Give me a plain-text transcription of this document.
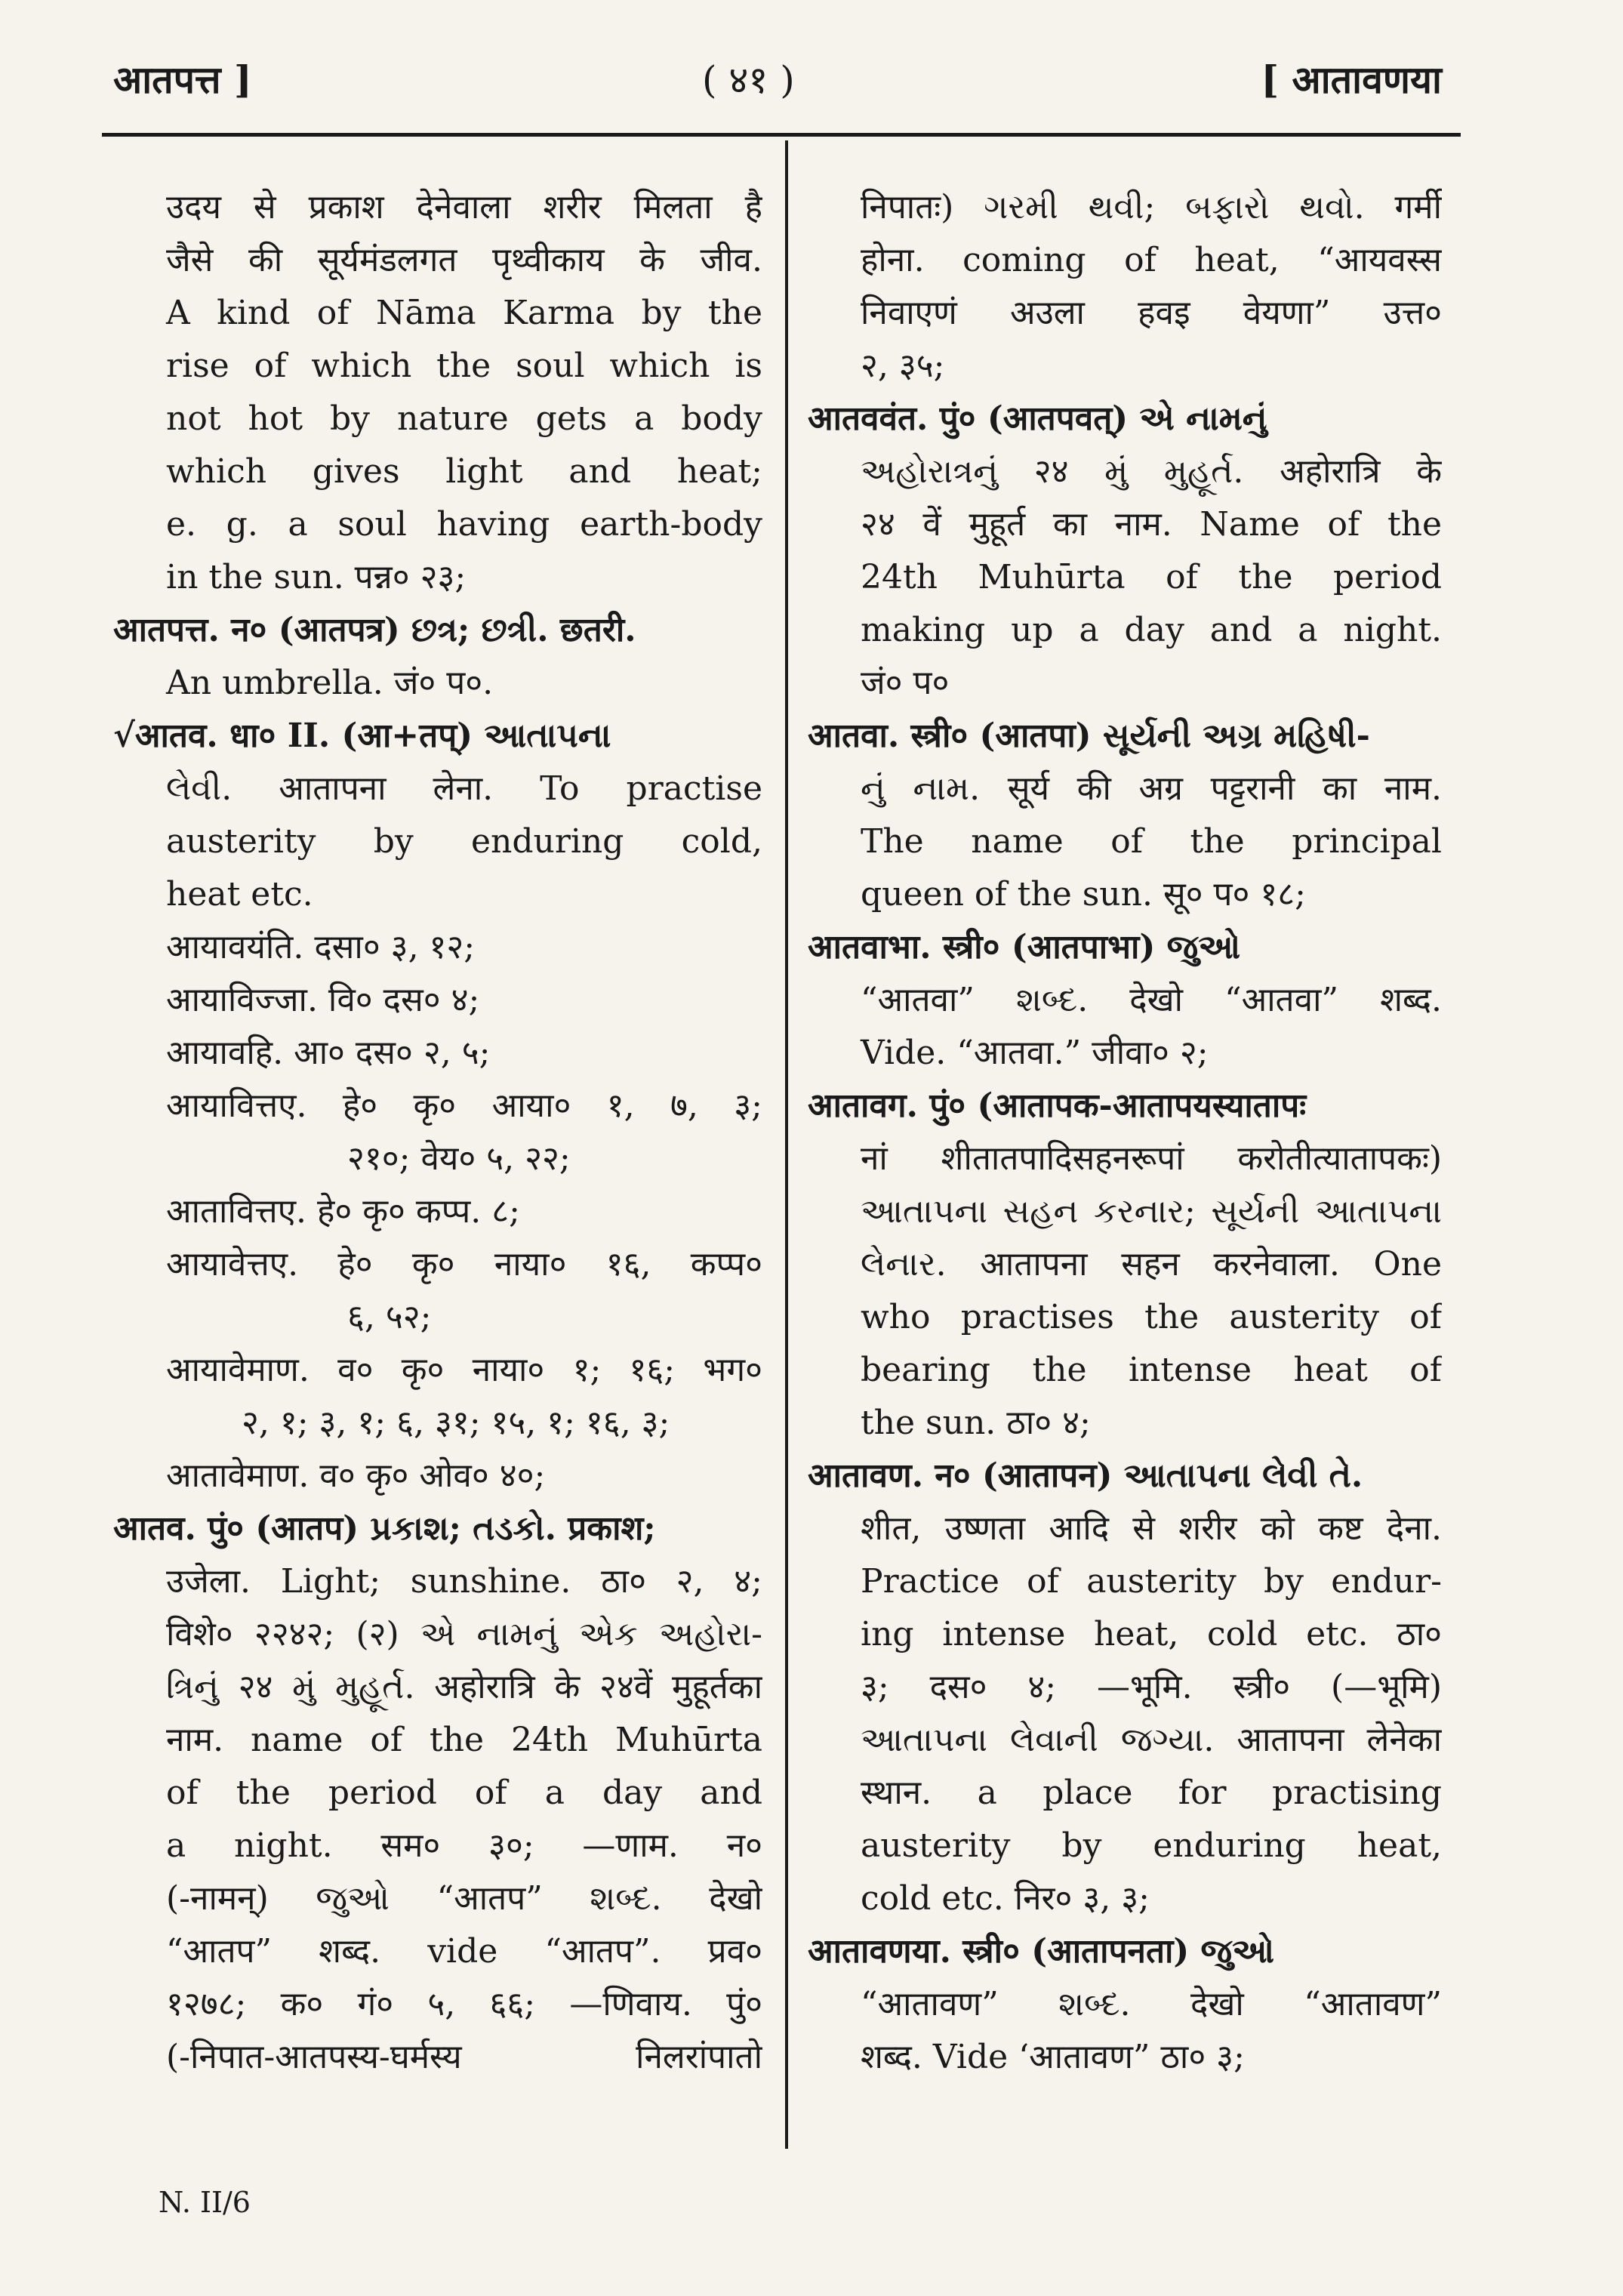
आतपत्त ]	( ४१ )	[ आतावणया
उदय से प्रकाश देनेवाला शरीर मिलता है
जैसे की सूर्यमंडलगत पृथ्वीकाय के जीव.
A kind of Nāma Karma by the
rise of which the soul which is
not hot by nature gets a body
which gives light and heat;
e. g. a soul having earth-body
in the sun. पन्न० २३;
आतपत्त. न० (आतपत्र) છત્ર; છત્રી. छतरी.
An umbrella. जं० प०.
√आतव. धा० II. (आ+तप्) આતાપના
લેવી. आतापना लेना. To practise
austerity by enduring cold,
heat etc.
आयावयंति. दसा० ३, १२;
आयाविज्जा. वि० दस० ४;
आयावहि. आ० दस० २, ५;
आयावित्तए. हे० कृ० आया० १, ७, ३;
२१०; वेय० ५, २२;
आतावित्तए. हे० कृ० कप्प. ८;
आयावेत्तए. हे० कृ० नाया० १६, कप्प०
६, ५२;
आयावेमाण. व० कृ० नाया० १; १६; भग०
२, १; ३, १; ६, ३१; १५, १; १६, ३;
आतावेमाण. व० कृ० ओव० ४०;
आतव. पुं० (आतप) પ્રકાશ; તડકો. प्रकाश;
उजेला. Light; sunshine. ठा० २, ४;
विशे० २२४२; (२) એ નામનું એક અહોરા-
ત્રિનું २४ મું મુહૂર્ત. अहोरात्रि के २४वें मुहूर्तका
नाम. name of the 24th Muhūrta
of the period of a day and
a night. सम० ३०; —णाम. न०
(-नामन्) જુઓ “आतप” શબ્દ. देखो
“आतप” शब्द. vide “आतप”. प्रव०
१२७८; क० गं० ५, ६६; —णिवाय. पुं०
(-निपात-आतपस्य-घर्मस्य निलरांपातो
निपातः) ગરમી થવી; બફારો થવો. गर्मी
होना. coming of heat, “आयवस्स
निवाएणं अउला हवइ वेयणा” उत्त०
२, ३५;
आतववंत. पुं० (आतपवत्) એ નામનું
અહોરાત્રનું २४ મું મુહૂર્ત. अहोरात्रि के
२४ वें मुहूर्त का नाम. Name of the
24th Muhūrta of the period
making up a day and a night.
जं० प०
आतवा. स्त्री० (आतपा) સૂર્યની અગ્ર મહિષી-
નું નામ. सूर्य की अग्र पट्टरानी का नाम.
The name of the principal
queen of the sun. सू० प० १८;
आतवाभा. स्त्री० (आतपाभा) જુઓ
“आतवा” શબ્દ. देखो “आतवा” शब्द.
Vide. “आतवा.” जीवा० २;
आतावग. पुं० (आतापक-आतापयस्यातापः
नां शीतातपादिसहनरूपां करोतीत्यातापकः)
આતાપના સહન કરનાર; સૂર્યની આતાપના
લેનાર. आतापना सहन करनेवाला. One
who practises the austerity of
bearing the intense heat of
the sun. ठा० ४;
आतावण. न० (आतापन) આતાપના લેવી તે.
शीत, उष्णता आदि से शरीर को कष्ट देना.
Practice of austerity by endur-
ing intense heat, cold etc. ठा०
३; दस० ४; —भूमि. स्त्री० (—भूमि)
આતાપના લેવાની જગ્યા. आतापना लेनेका
स्थान. a place for practising
austerity by enduring heat,
cold etc. निर० ३, ३;
आतावणया. स्त्री० (आतापनता) જુઓ
“आतावण” શબ્દ. देखो “आतावण”
शब्द. Vide ‘आतावण” ठा० ३;
N. II/6
